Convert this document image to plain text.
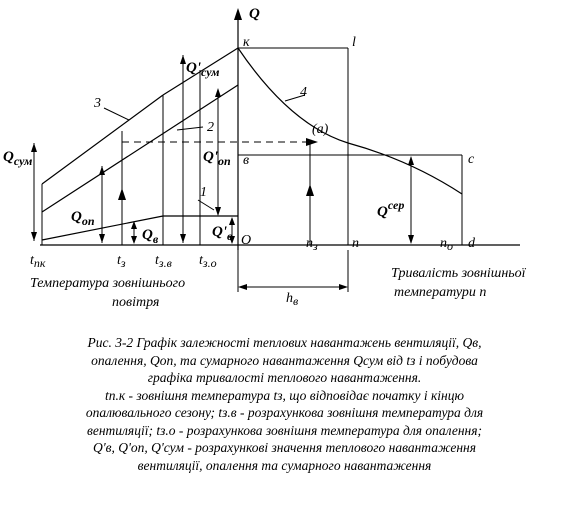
Q
к	l
(a)
в	с
d
O
$Q'_{сум}$
$Q'_{оп}$
$Q'_в$
$Q_{сум}$
$Q_{оп}$
$Q_в$
$Q^{сер}$
1
2
3
4
tпк	tз tз.в tз.о
nз n	nо
hв
Температура зовнішнього
повітря
Тривалість зовнішньої
температури n
Рис. 3-2 Графік залежності теплових навантажень вентиляції, Qв,
опалення, Qоп, та сумарного навантаження Qсум від tз і побудова
графіка тривалості теплового навантаження.
tп.к - зовнішня температура tз, що відповідає початку і кінцю
опалювального сезону; tз.в - розрахункова зовнішня температура для
вентиляції; tз.о - розрахункова зовнішня температура для опалення;
Q'в, Q'оп, Q'сум - розрахункові значення теплового навантаження
вентиляції, опалення та сумарного навантаження
